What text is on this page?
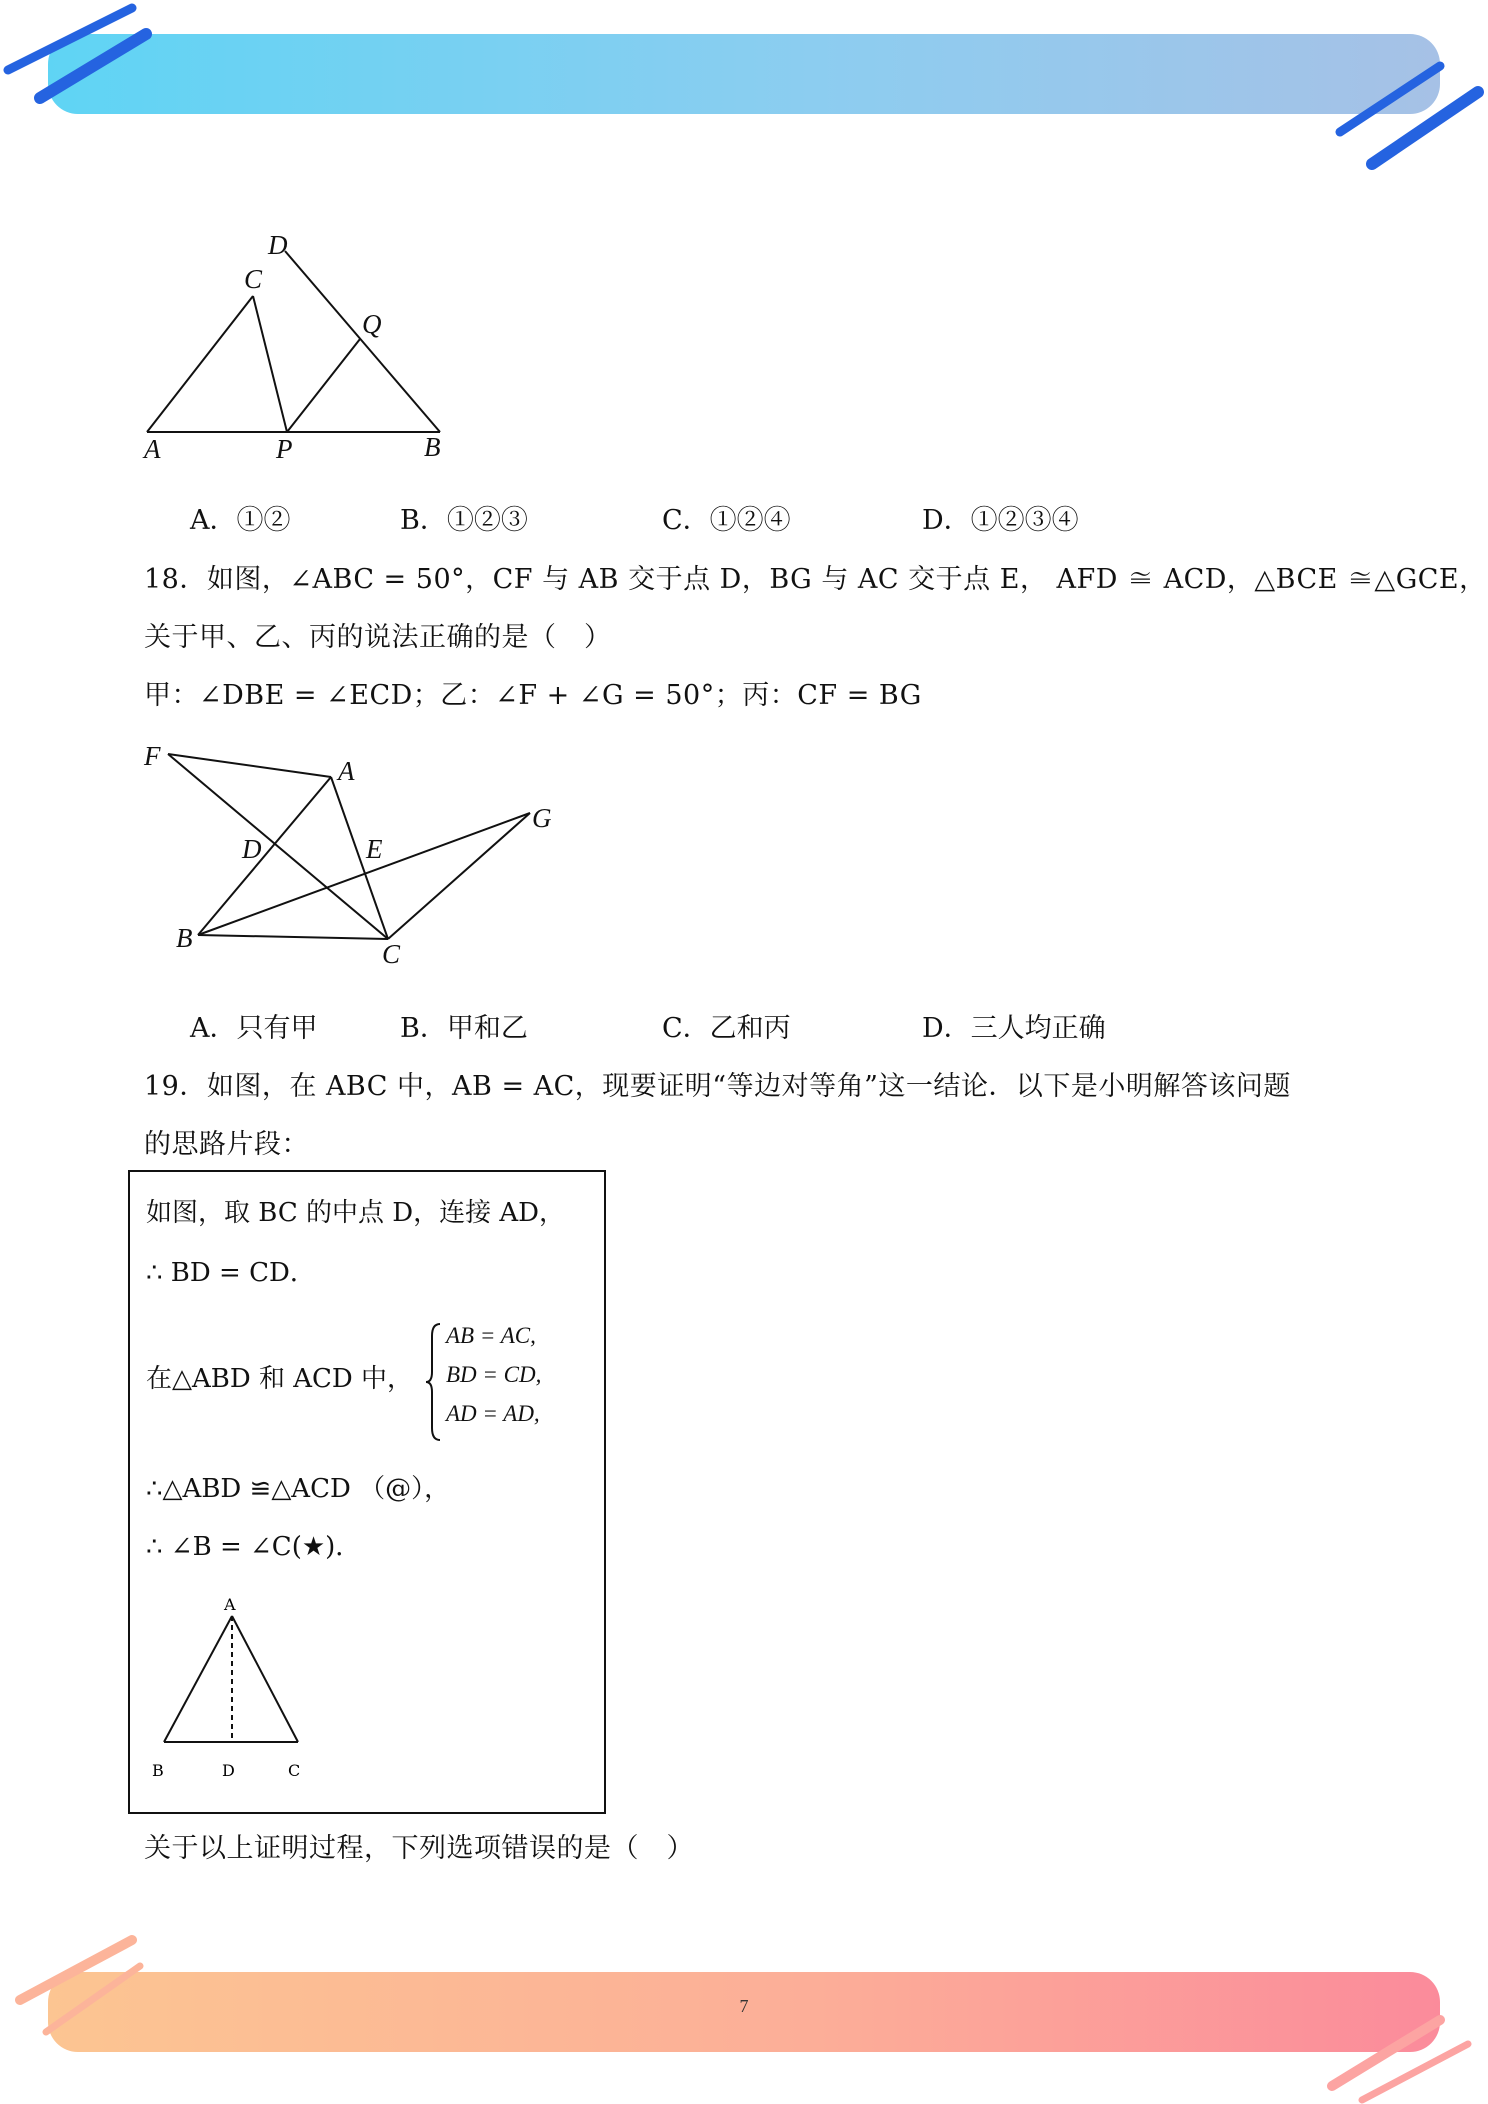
7
D
C
Q
A	P	B
A．①②	B．①②③	C．①②④	D．①②③④
18．如图，∠ABC = 50°，CF 与 AB 交于点 D，BG 与 AC 交于点 E， AFD ≅ ACD，△BCE ≅△GCE，
关于甲、乙、丙的说法正确的是（　）
甲：∠DBE = ∠ECD；乙：∠F + ∠G = 50°；丙：CF = BG
F	A
G
D	E
B
C
A．只有甲	B．甲和乙	C．乙和丙	D．三人均正确
19．如图，在 ABC 中，AB = AC，现要证明“等边对等角”这一结论．以下是小明解答该问题
的思路片段：
如图，取 BC 的中点 D，连接 AD，
∴ BD = CD．
在△ABD 和 ACD 中，
AB = AC,
BD = CD,
AD = AD,
∴△ABD ≌△ACD （@），
∴ ∠B = ∠C(★)．
A
B	D	C
关于以上证明过程，下列选项错误的是（　）
